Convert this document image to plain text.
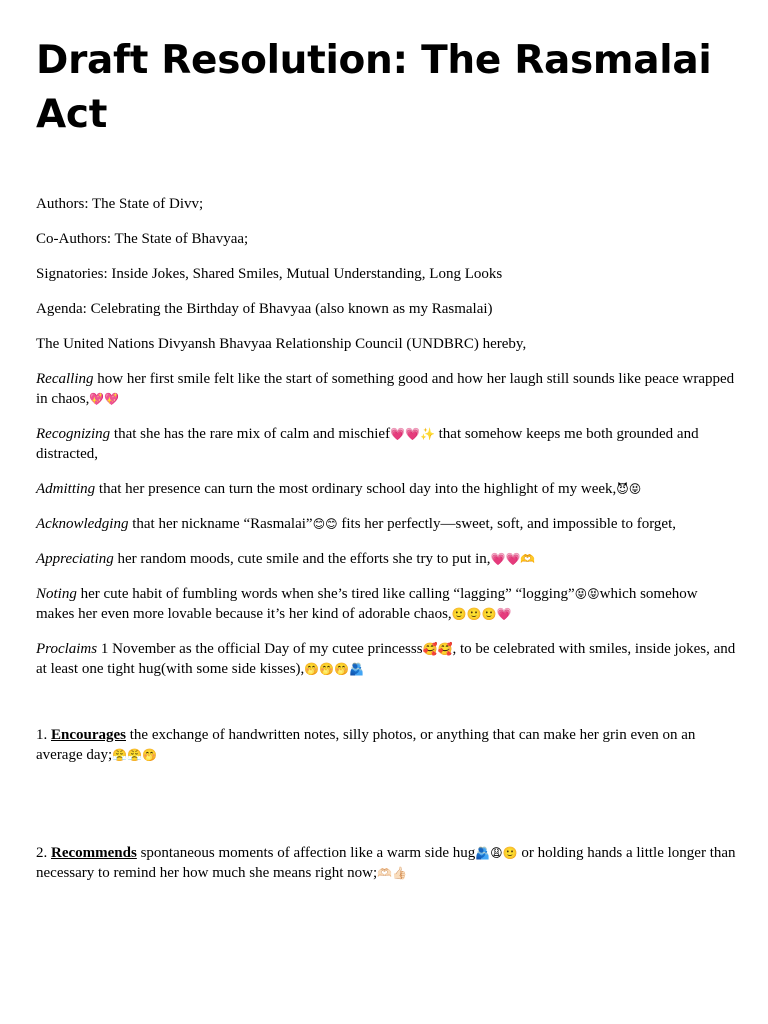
Draft Resolution: The Rasmalai Act

Authors: The State of Divv;

Co-Authors: The State of Bhavyaa;

Signatories: Inside Jokes, Shared Smiles, Mutual Understanding, Long Looks

Agenda: Celebrating the Birthday of Bhavyaa (also known as my Rasmalai)

The United Nations Divyansh Bhavyaa Relationship Council (UNDBRC) hereby,

Recalling how her first smile felt like the start of something good and how her laugh still sounds like peace wrapped in chaos,💖💖

Recognizing that she has the rare mix of calm and mischief💗💗✨ that somehow keeps me both grounded and distracted,

Admitting that her presence can turn the most ordinary school day into the highlight of my week,😈😝

Acknowledging that her nickname “Rasmalai”😊😊 fits her perfectly—sweet, soft, and impossible to forget,

Appreciating her random moods, cute smile and the efforts she try to put in,💗💗🫶

Noting her cute habit of fumbling words when she’s tired like calling “lagging” “logging”😝😝which somehow makes her even more lovable because it’s her kind of adorable chaos,🙂🙂🙂💗

Proclaims 1 November as the official Day of my cutee princesss🥰🥰, to be celebrated with smiles, inside jokes, and at least one tight hug(with some side kisses),🤭🤭🤭🫂

1. Encourages the exchange of handwritten notes, silly photos, or anything that can make her grin even on an average day;😤😤🤭

2. Recommends spontaneous moments of affection like a warm side hug🫂😩🙂 or holding hands a little longer than necessary to remind her how much she means right now;🫶🏻👍🏻
